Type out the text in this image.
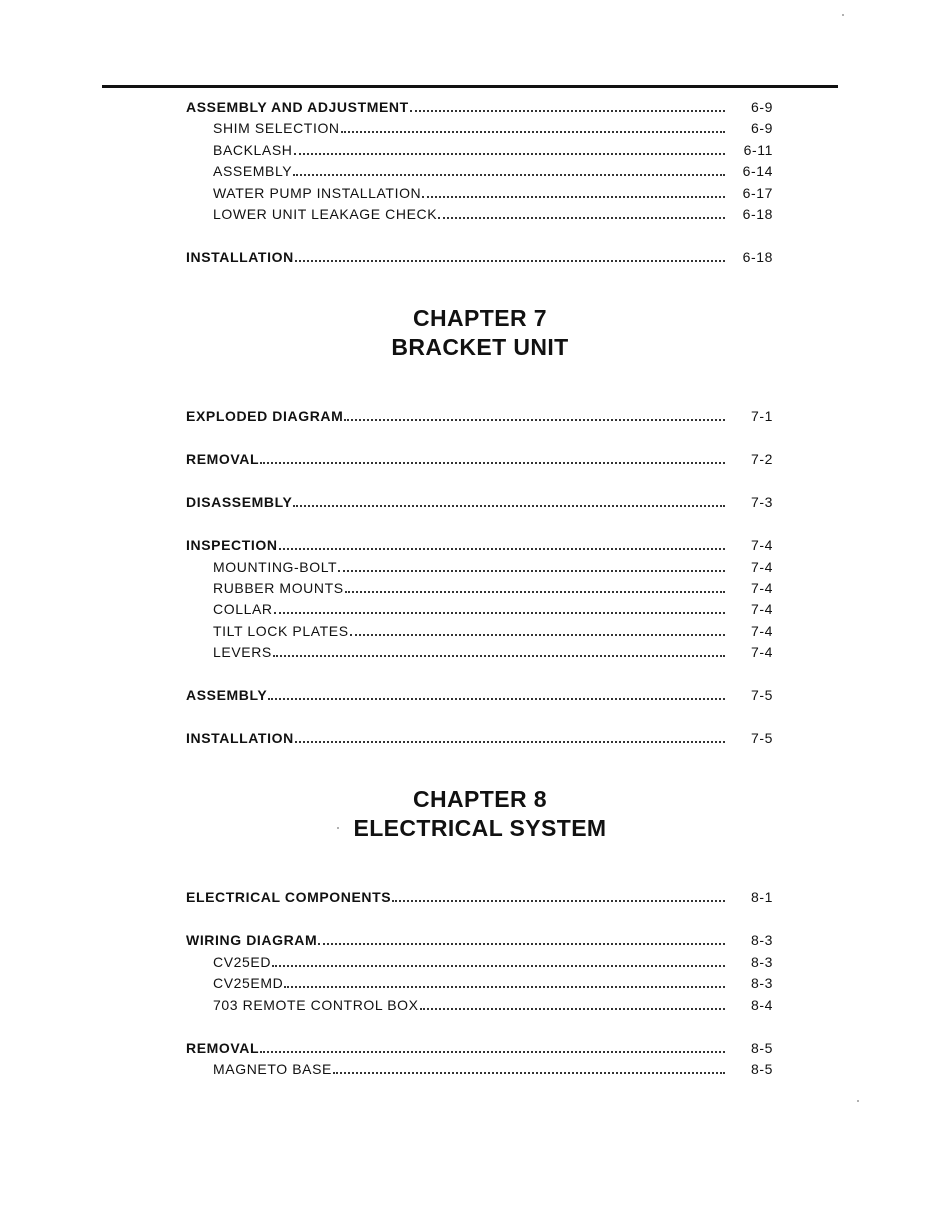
ASSEMBLY AND ADJUSTMENT	6-9
SHIM SELECTION	6-9
BACKLASH	6-11
ASSEMBLY	6-14
WATER PUMP INSTALLATION	6-17
LOWER UNIT LEAKAGE CHECK	6-18
INSTALLATION	6-18
CHAPTER 7
BRACKET UNIT
EXPLODED DIAGRAM	7-1
REMOVAL	7-2
DISASSEMBLY	7-3
INSPECTION	7-4
MOUNTING-BOLT	7-4
RUBBER MOUNTS	7-4
COLLAR	7-4
TILT LOCK PLATES	7-4
LEVERS	7-4
ASSEMBLY	7-5
INSTALLATION	7-5
CHAPTER 8
ELECTRICAL SYSTEM
ELECTRICAL COMPONENTS	8-1
WIRING DIAGRAM	8-3
CV25ED	8-3
CV25EMD	8-3
703 REMOTE CONTROL BOX	8-4
REMOVAL	8-5
MAGNETO BASE	8-5
